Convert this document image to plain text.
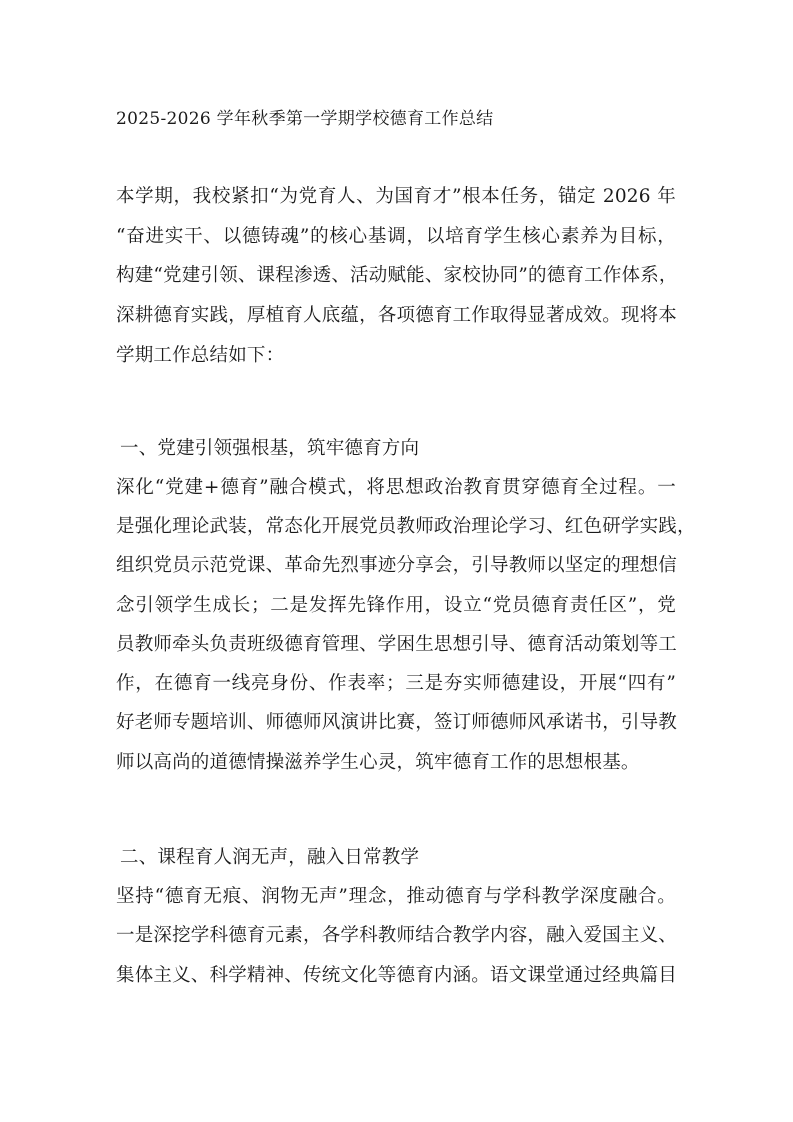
2025-2026 学年秋季第一学期学校德育工作总结
本学期，我校紧扣“为党育人、为国育才”根本任务，锚定 2026 年
“奋进实干、以德铸魂”的核心基调，以培育学生核心素养为目标，
构建“党建引领、课程渗透、活动赋能、家校协同”的德育工作体系，
深耕德育实践，厚植育人底蕴，各项德育工作取得显著成效。现将本
学期工作总结如下：
一、党建引领强根基，筑牢德育方向
深化“党建+德育”融合模式，将思想政治教育贯穿德育全过程。一
是强化理论武装，常态化开展党员教师政治理论学习、红色研学实践，
组织党员示范党课、革命先烈事迹分享会，引导教师以坚定的理想信
念引领学生成长；二是发挥先锋作用，设立“党员德育责任区”，党
员教师牵头负责班级德育管理、学困生思想引导、德育活动策划等工
作，在德育一线亮身份、作表率；三是夯实师德建设，开展“四有”
好老师专题培训、师德师风演讲比赛，签订师德师风承诺书，引导教
师以高尚的道德情操滋养学生心灵，筑牢德育工作的思想根基。
二、课程育人润无声，融入日常教学
坚持“德育无痕、润物无声”理念，推动德育与学科教学深度融合。
一是深挖学科德育元素，各学科教师结合教学内容，融入爱国主义、
集体主义、科学精神、传统文化等德育内涵。语文课堂通过经典篇目
